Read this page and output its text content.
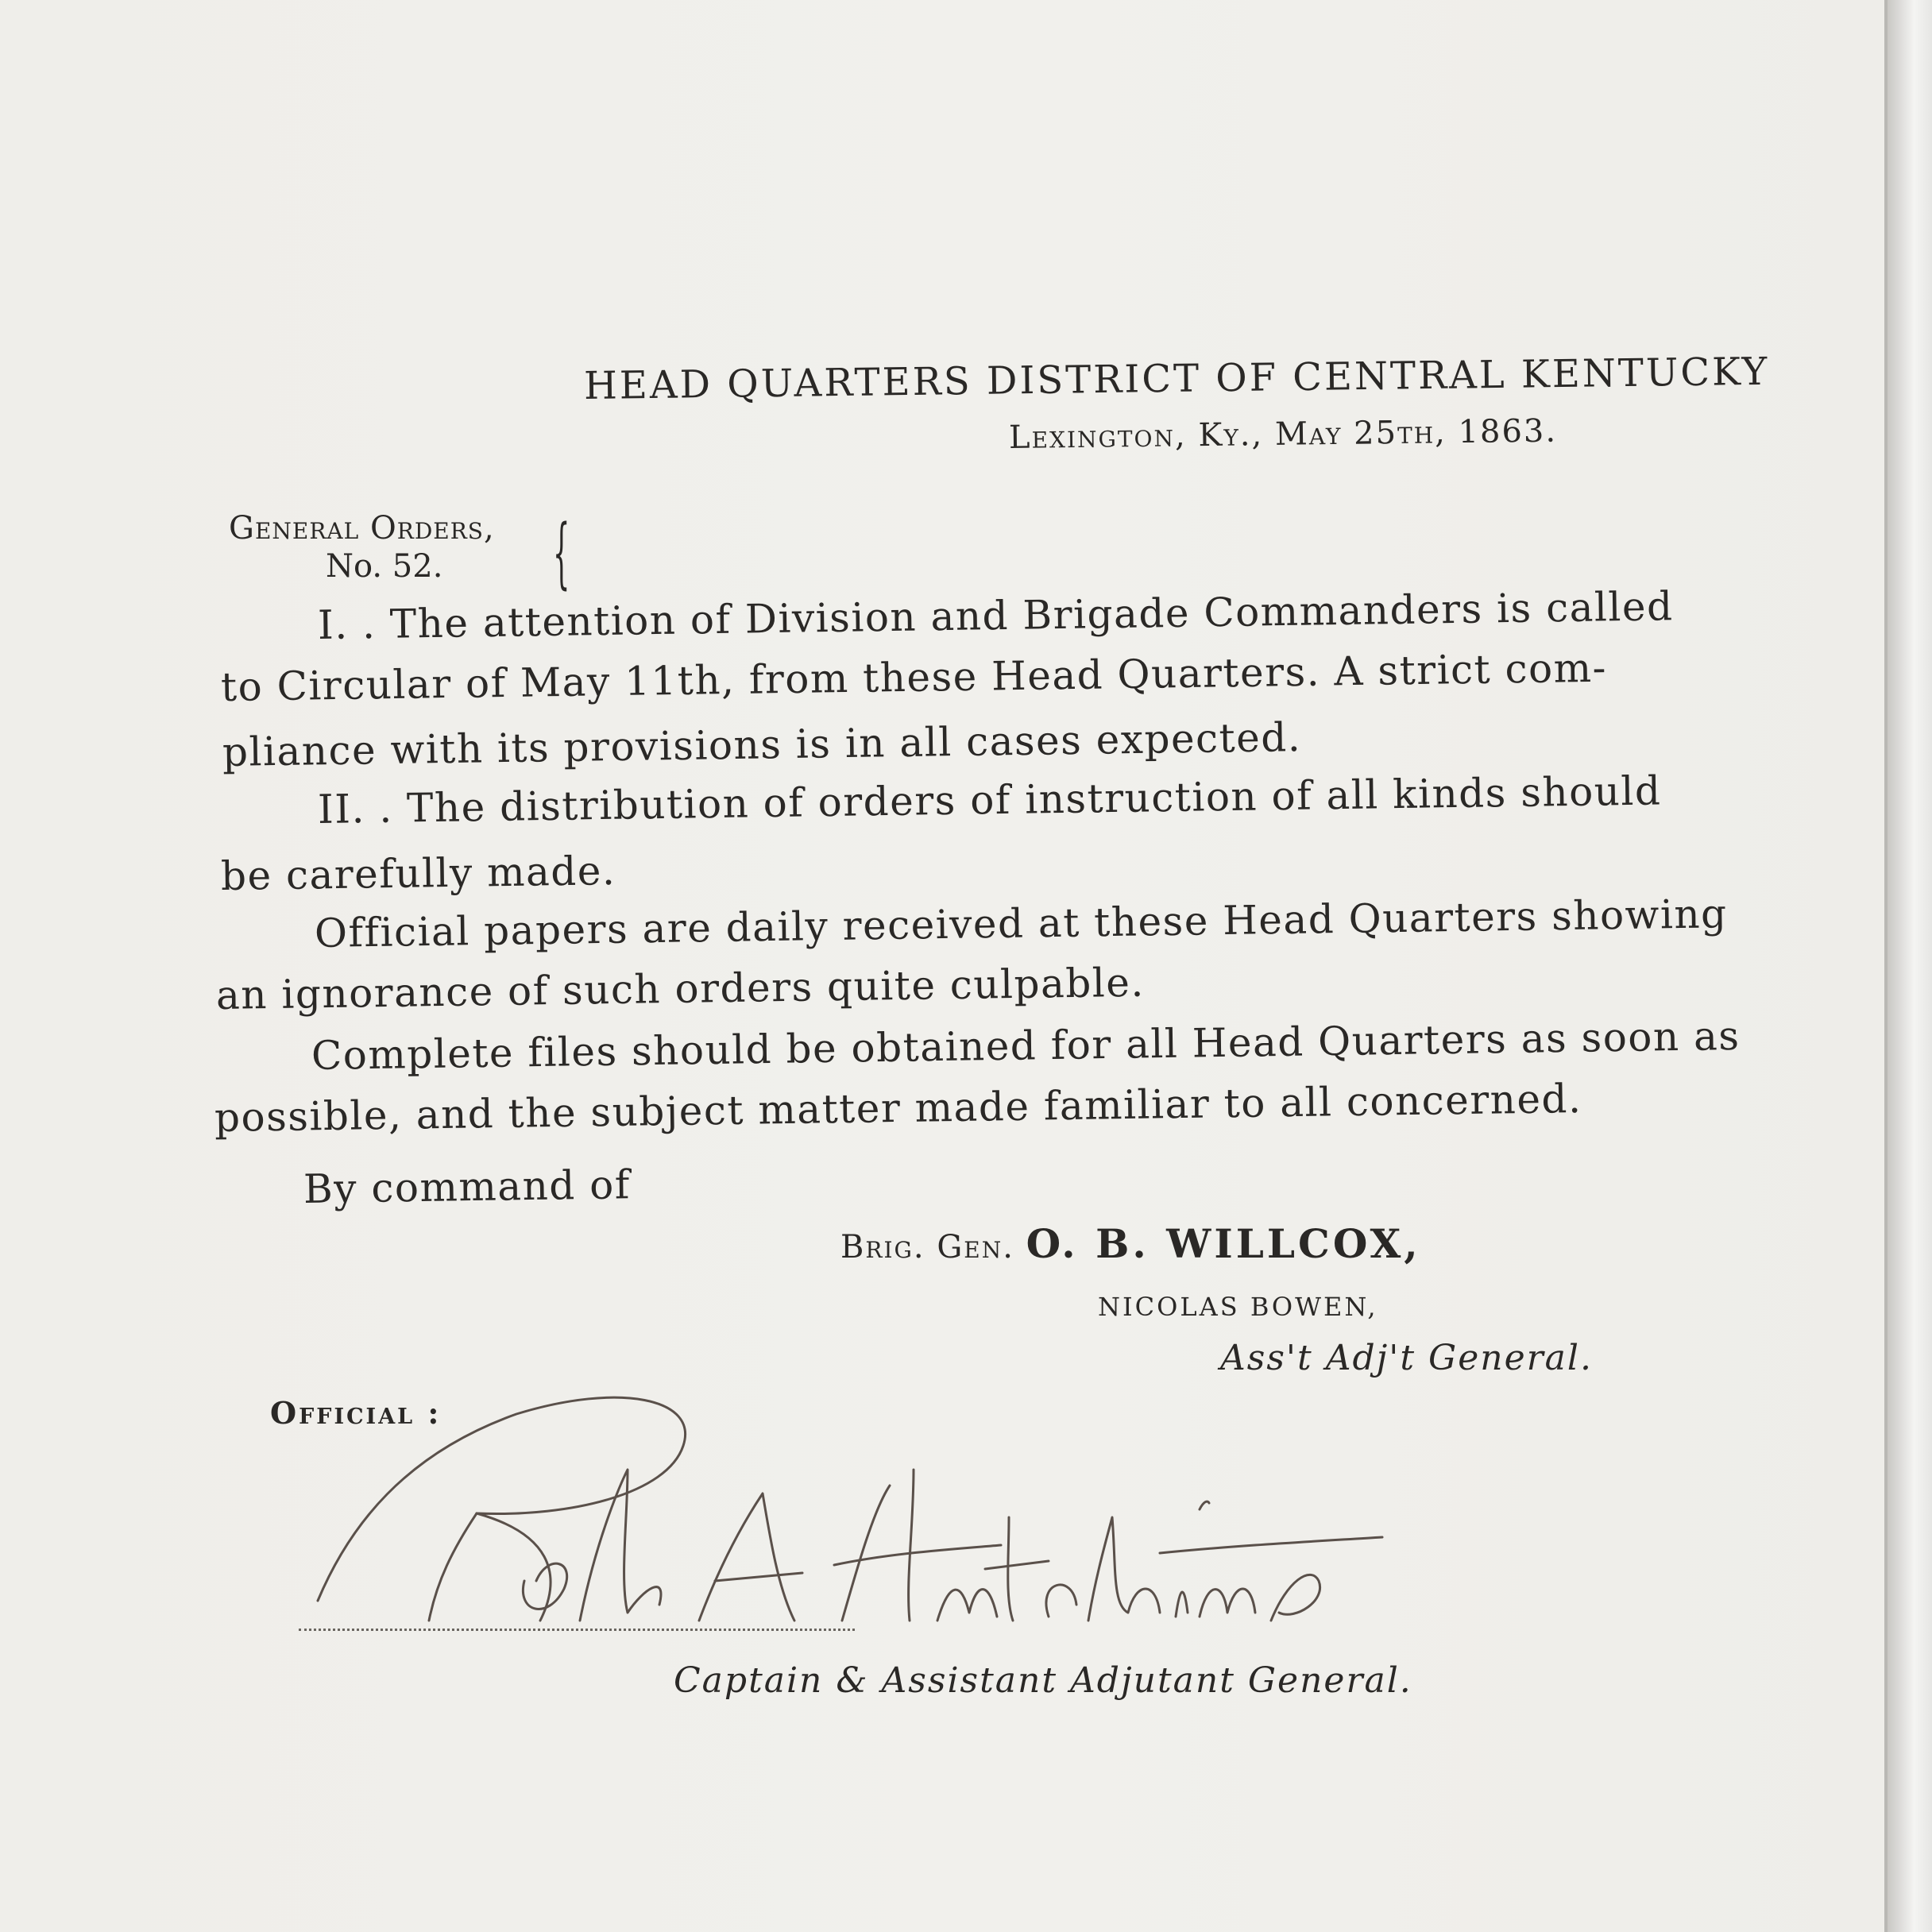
HEAD QUARTERS DISTRICT OF CENTRAL KENTUCKY
Lexington, Ky., May 25th, 1863.
General Orders,
No. 52. {
I. . The attention of Division and Brigade Commanders is called
to Circular of May 11th, from these Head Quarters. A strict com-
pliance with its provisions is in all cases expected.
II. . The distribution of orders of instruction of all kinds should
be carefully made.
Official papers are daily received at these Head Quarters showing
an ignorance of such orders quite culpable.
Complete files should be obtained for all Head Quarters as soon as
possible, and the subject matter made familiar to all concerned.
By command of
Brig. Gen. O. B. WILLCOX,
NICOLAS BOWEN,
Ass't Adj't General.
Official :
Captain & Assistant Adjutant General.
